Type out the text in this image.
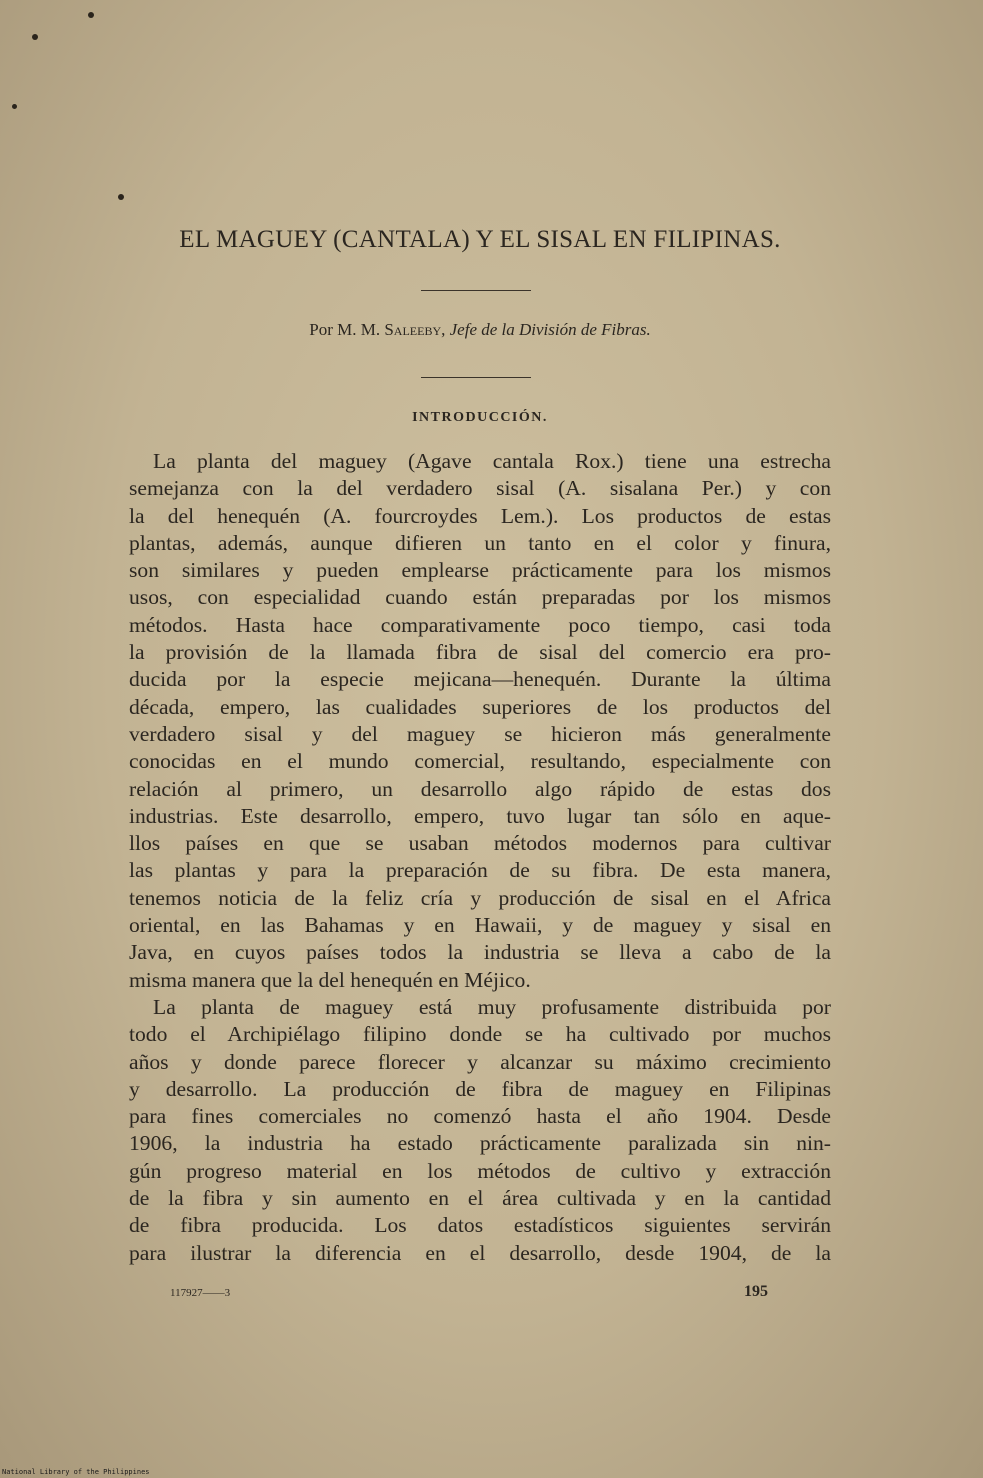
EL MAGUEY (CANTALA) Y EL SISAL EN FILIPINAS.
Por M. M. Saleeby, Jefe de la División de Fibras.
INTRODUCCIÓN.
La planta del maguey (Agave cantala Rox.) tiene una estrecha
semejanza con la del verdadero sisal (A. sisalana Per.) y con
la del henequén (A. fourcroydes Lem.). Los productos de estas
plantas, además, aunque difieren un tanto en el color y finura,
son similares y pueden emplearse prácticamente para los mismos
usos, con especialidad cuando están preparadas por los mismos
métodos. Hasta hace comparativamente poco tiempo, casi toda
la provisión de la llamada fibra de sisal del comercio era pro-
ducida por la especie mejicana—henequén. Durante la última
década, empero, las cualidades superiores de los productos del
verdadero sisal y del maguey se hicieron más generalmente
conocidas en el mundo comercial, resultando, especialmente con
relación al primero, un desarrollo algo rápido de estas dos
industrias. Este desarrollo, empero, tuvo lugar tan sólo en aque-
llos países en que se usaban métodos modernos para cultivar
las plantas y para la preparación de su fibra. De esta manera,
tenemos noticia de la feliz cría y producción de sisal en el Africa
oriental, en las Bahamas y en Hawaii, y de maguey y sisal en
Java, en cuyos países todos la industria se lleva a cabo de la
misma manera que la del henequén en Méjico.
La planta de maguey está muy profusamente distribuida por
todo el Archipiélago filipino donde se ha cultivado por muchos
años y donde parece florecer y alcanzar su máximo crecimiento
y desarrollo. La producción de fibra de maguey en Filipinas
para fines comerciales no comenzó hasta el año 1904. Desde
1906, la industria ha estado prácticamente paralizada sin nin-
gún progreso material en los métodos de cultivo y extracción
de la fibra y sin aumento en el área cultivada y en la cantidad
de fibra producida. Los datos estadísticos siguientes servirán
para ilustrar la diferencia en el desarrollo, desde 1904, de la
117927——3	195
National Library of the Philippines
